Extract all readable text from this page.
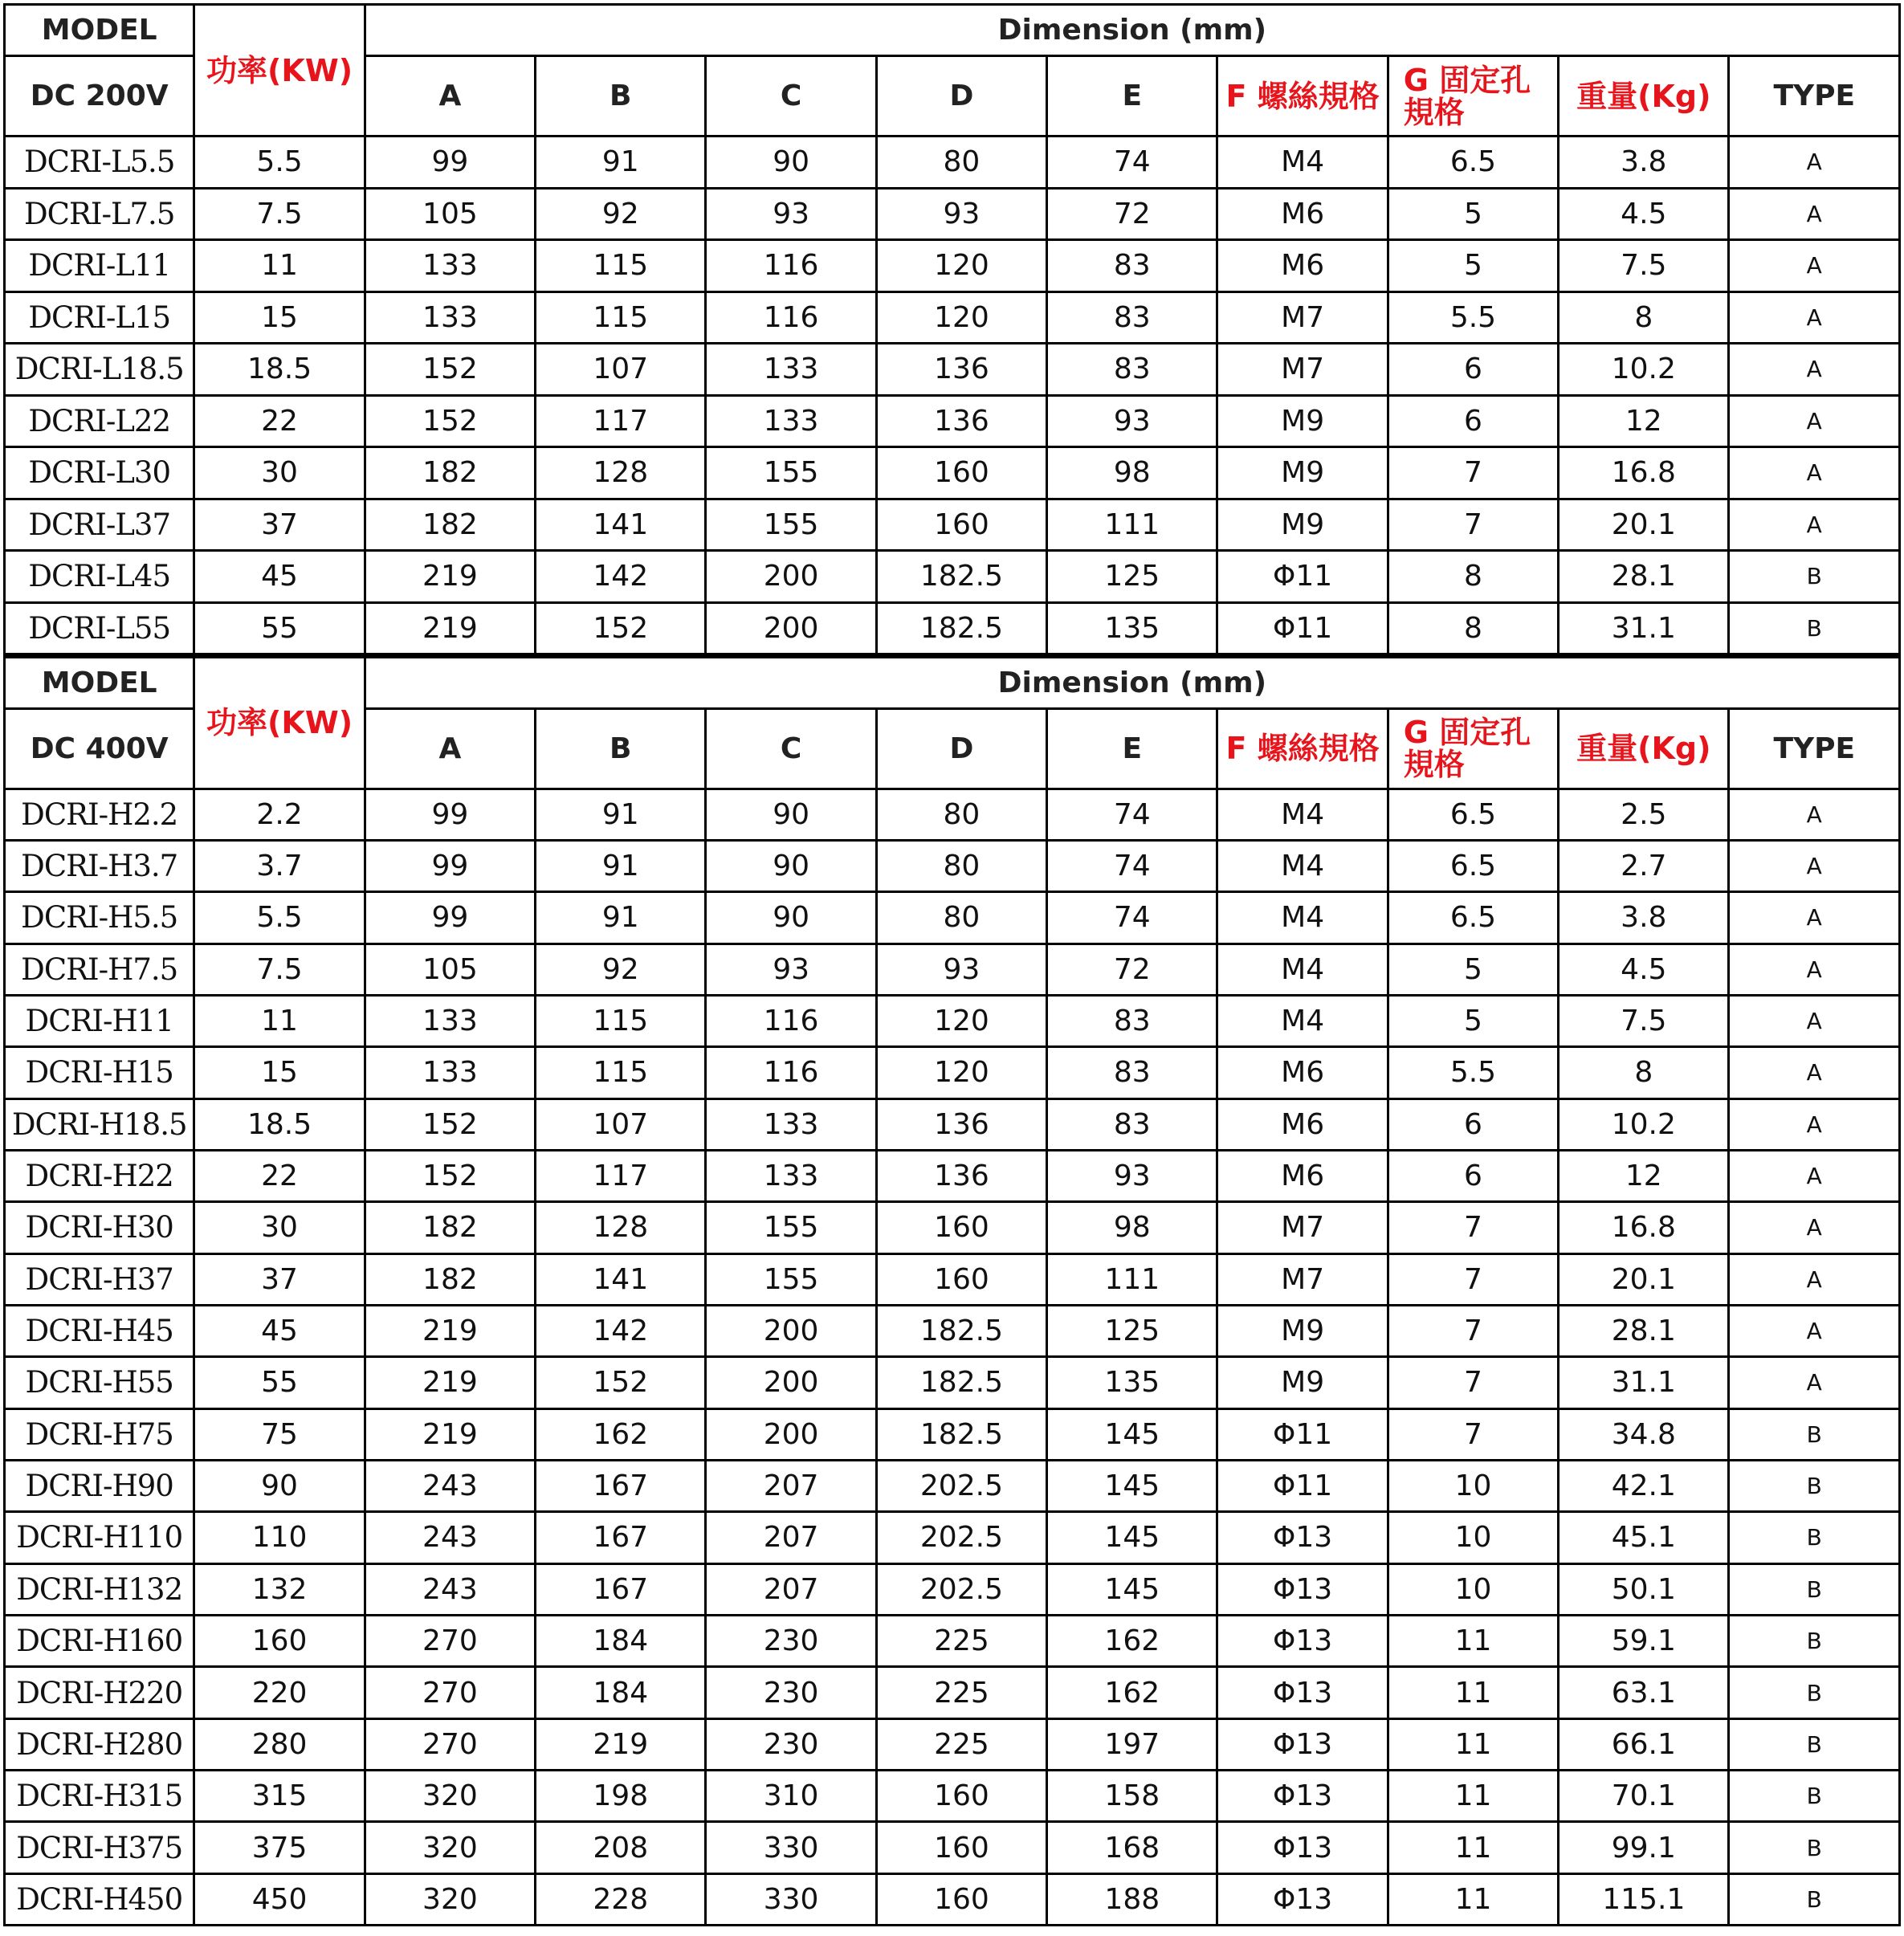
MODEL	功率(KW)	Dimension (mm)								
DC 200V		A	B	C	D	E	F 螺絲規格	G 固定孔規格	重量(Kg)	TYPE
DCRI-L5.5	5.5	99	91	90	80	74	M4	6.5	3.8	A
DCRI-L7.5	7.5	105	92	93	93	72	M6	5	4.5	A
DCRI-L11	11	133	115	116	120	83	M6	5	7.5	A
DCRI-L15	15	133	115	116	120	83	M7	5.5	8	A
DCRI-L18.5	18.5	152	107	133	136	83	M7	6	10.2	A
DCRI-L22	22	152	117	133	136	93	M9	6	12	A
DCRI-L30	30	182	128	155	160	98	M9	7	16.8	A
DCRI-L37	37	182	141	155	160	111	M9	7	20.1	A
DCRI-L45	45	219	142	200	182.5	125	Φ11	8	28.1	B
DCRI-L55	55	219	152	200	182.5	135	Φ11	8	31.1	B
MODEL	功率(KW)	Dimension (mm)								
DC 400V		A	B	C	D	E	F 螺絲規格	G 固定孔規格	重量(Kg)	TYPE
DCRI-H2.2	2.2	99	91	90	80	74	M4	6.5	2.5	A
DCRI-H3.7	3.7	99	91	90	80	74	M4	6.5	2.7	A
DCRI-H5.5	5.5	99	91	90	80	74	M4	6.5	3.8	A
DCRI-H7.5	7.5	105	92	93	93	72	M4	5	4.5	A
DCRI-H11	11	133	115	116	120	83	M4	5	7.5	A
DCRI-H15	15	133	115	116	120	83	M6	5.5	8	A
DCRI-H18.5	18.5	152	107	133	136	83	M6	6	10.2	A
DCRI-H22	22	152	117	133	136	93	M6	6	12	A
DCRI-H30	30	182	128	155	160	98	M7	7	16.8	A
DCRI-H37	37	182	141	155	160	111	M7	7	20.1	A
DCRI-H45	45	219	142	200	182.5	125	M9	7	28.1	A
DCRI-H55	55	219	152	200	182.5	135	M9	7	31.1	A
DCRI-H75	75	219	162	200	182.5	145	Φ11	7	34.8	B
DCRI-H90	90	243	167	207	202.5	145	Φ11	10	42.1	B
DCRI-H110	110	243	167	207	202.5	145	Φ13	10	45.1	B
DCRI-H132	132	243	167	207	202.5	145	Φ13	10	50.1	B
DCRI-H160	160	270	184	230	225	162	Φ13	11	59.1	B
DCRI-H220	220	270	184	230	225	162	Φ13	11	63.1	B
DCRI-H280	280	270	219	230	225	197	Φ13	11	66.1	B
DCRI-H315	315	320	198	310	160	158	Φ13	11	70.1	B
DCRI-H375	375	320	208	330	160	168	Φ13	11	99.1	B
DCRI-H450	450	320	228	330	160	188	Φ13	11	115.1	B
